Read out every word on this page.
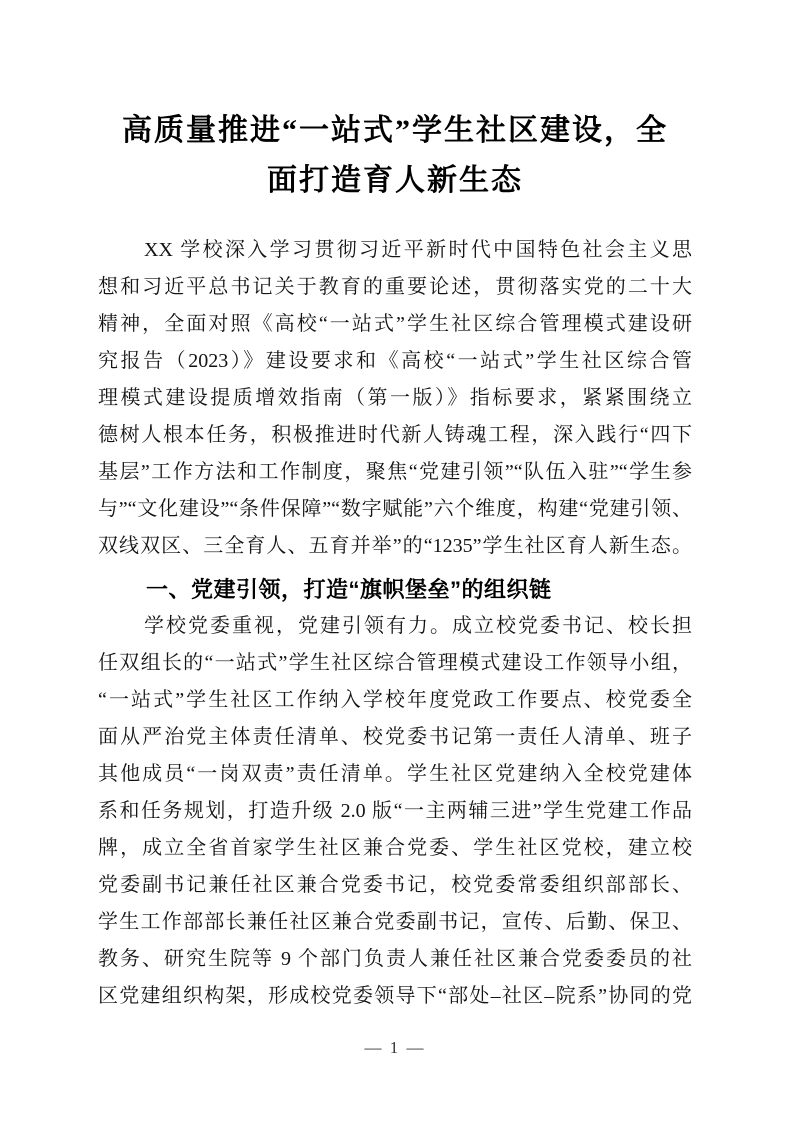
高质量推进“一站式”学生社区建设，全
面打造育人新生态
XX 学校深入学习贯彻习近平新时代中国特色社会主义思
想和习近平总书记关于教育的重要论述，贯彻落实党的二十大
精神，全面对照《高校“一站式”学生社区综合管理模式建设研
究报告（2023）》建设要求和《高校“一站式”学生社区综合管
理模式建设提质增效指南（第一版）》指标要求，紧紧围绕立
德树人根本任务，积极推进时代新人铸魂工程，深入践行“四下
基层”工作方法和工作制度，聚焦“党建引领”“队伍入驻”“学生参
与”“文化建设”“条件保障”“数字赋能”六个维度，构建“党建引领、
双线双区、三全育人、五育并举”的“1235”学生社区育人新生态。
一、党建引领，打造“旗帜堡垒”的组织链
学校党委重视，党建引领有力。成立校党委书记、校长担
任双组长的“一站式”学生社区综合管理模式建设工作领导小组，
“一站式”学生社区工作纳入学校年度党政工作要点、校党委全
面从严治党主体责任清单、校党委书记第一责任人清单、班子
其他成员“一岗双责”责任清单。学生社区党建纳入全校党建体
系和任务规划，打造升级 2.0 版“一主两辅三进”学生党建工作品
牌，成立全省首家学生社区兼合党委、学生社区党校，建立校
党委副书记兼任社区兼合党委书记，校党委常委组织部部长、
学生工作部部长兼任社区兼合党委副书记，宣传、后勤、保卫、
教务、研究生院等 9 个部门负责人兼任社区兼合党委委员的社
区党建组织构架，形成校党委领导下“部处–社区–院系”协同的党
— 1 —
